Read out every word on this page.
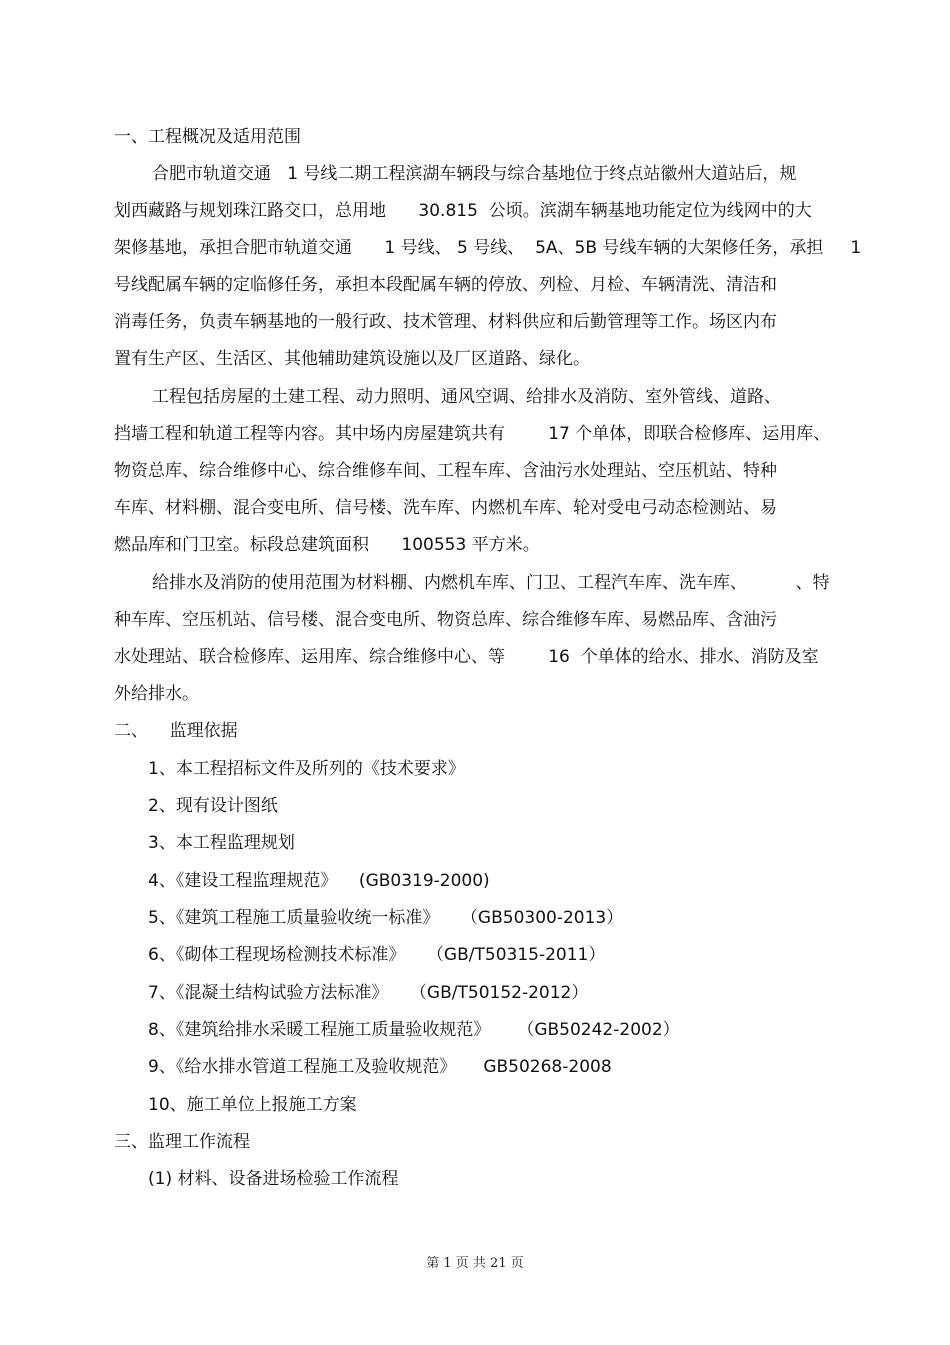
一、工程概况及适用范围
合肥市轨道交通   1 号线二期工程滨湖车辆段与综合基地位于终点站徽州大道站后，规
划西藏路与规划珠江路交口，总用地      30.815  公顷。滨湖车辆基地功能定位为线网中的大
架修基地，承担合肥市轨道交通      1 号线、 5 号线、  5A、5B 号线车辆的大架修任务，承担     1
号线配属车辆的定临修任务，承担本段配属车辆的停放、列检、月检、车辆清洗、清洁和
消毒任务，负责车辆基地的一般行政、技术管理、材料供应和后勤管理等工作。场区内布
置有生产区、生活区、其他辅助建筑设施以及厂区道路、绿化。
工程包括房屋的土建工程、动力照明、通风空调、给排水及消防、室外管线、道路、
挡墙工程和轨道工程等内容。其中场内房屋建筑共有        17 个单体，即联合检修库、运用库、
物资总库、综合维修中心、综合维修车间、工程车库、含油污水处理站、空压机站、特种
车库、材料棚、混合变电所、信号楼、洗车库、内燃机车库、轮对受电弓动态检测站、易
燃品库和门卫室。标段总建筑面积      100553 平方米。
给排水及消防的使用范围为材料棚、内燃机车库、门卫、工程汽车库、洗车库、         、特
种车库、空压机站、信号楼、混合变电所、物资总库、综合维修车库、易燃品库、含油污
水处理站、联合检修库、运用库、综合维修中心、等        16  个单体的给水、排水、消防及室
外给排水。
二、    监理依据
1、本工程招标文件及所列的《技术要求》
2、现有设计图纸
3、本工程监理规划
4、《建设工程监理规范》    (GB0319-2000)
5、《建筑工程施工质量验收统一标准》    （GB50300-2013）
6、《砌体工程现场检测技术标准》    （GB/T50315-2011）
7、《混凝土结构试验方法标准》    （GB/T50152-2012）
8、《建筑给排水采暖工程施工质量验收规范》     （GB50242-2002）
9、《给水排水管道工程施工及验收规范》     GB50268-2008
10、施工单位上报施工方案
三、监理工作流程
(1) 材料、设备进场检验工作流程
第 1 页 共 21 页
